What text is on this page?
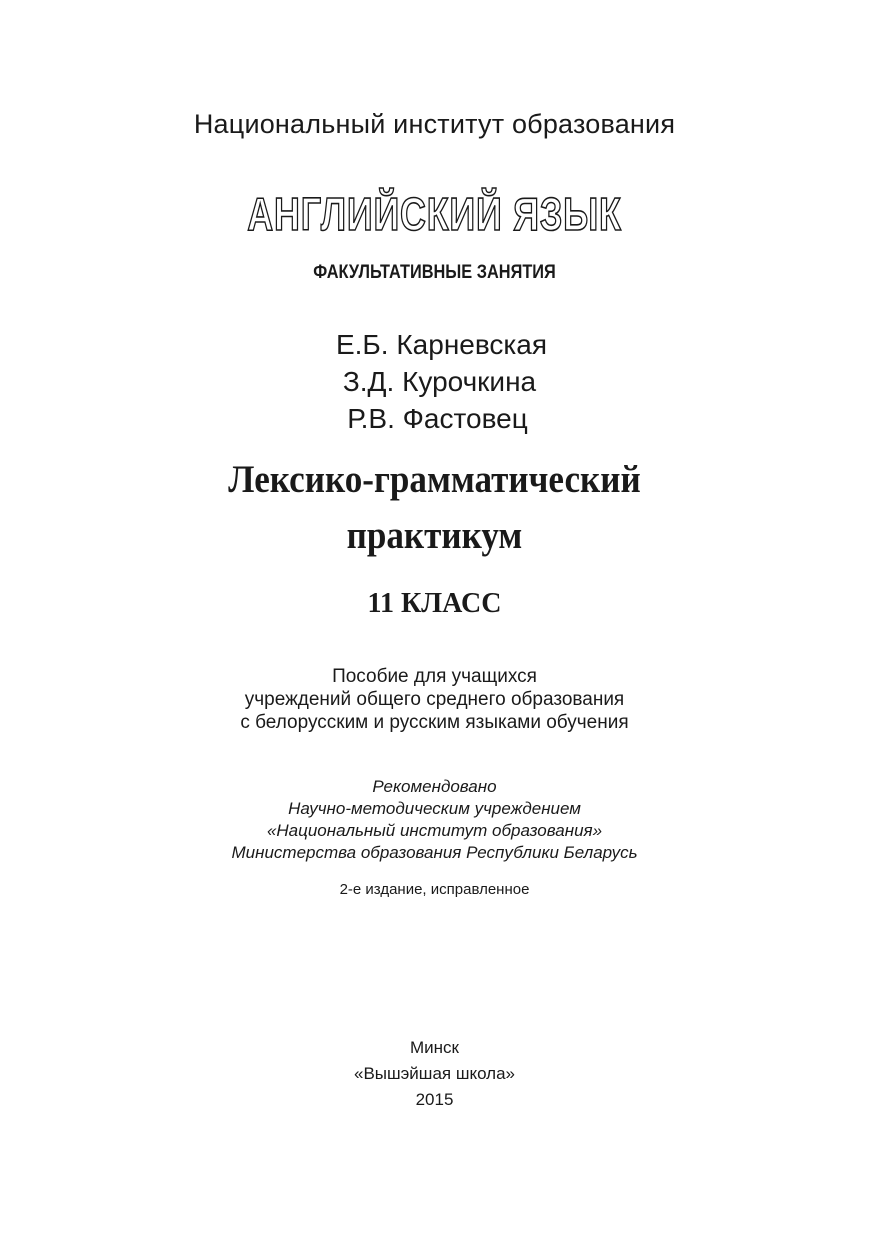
Национальный институт образования

АНГЛИЙСКИЙ ЯЗЫК

ФАКУЛЬТАТИВНЫЕ ЗАНЯТИЯ

Е.Б. Карневская
З.Д. Курочкина
Р.В. Фастовец
Лексико-грамматический
практикум

11 КЛАСС

Пособие для учащихся
учреждений общего среднего образования
с белорусским и русским языками обучения
Рекомендовано
Научно-методическим учреждением
«Национальный институт образования»
Министерства образования Республики Беларусь

2-е издание, исправленное

Минск
«Вышэйшая школа»
2015
